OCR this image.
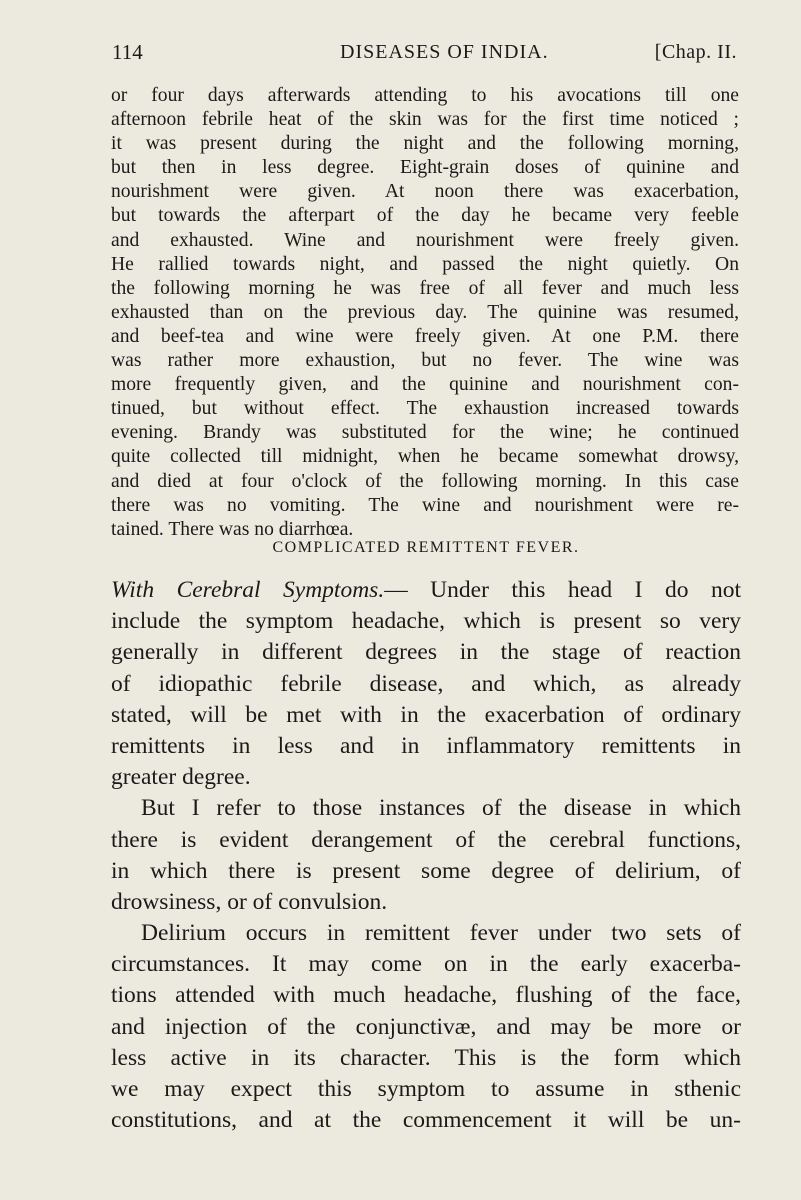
114	DISEASES OF INDIA.	[Chap. II.
or four days afterwards attending to his avocations till one
afternoon febrile heat of the skin was for the first time noticed ;
it was present during the night and the following morning,
but then in less degree. Eight-grain doses of quinine and
nourishment were given. At noon there was exacerbation,
but towards the afterpart of the day he became very feeble
and exhausted. Wine and nourishment were freely given.
He rallied towards night, and passed the night quietly. On
the following morning he was free of all fever and much less
exhausted than on the previous day. The quinine was resumed,
and beef-tea and wine were freely given. At one P.M. there
was rather more exhaustion, but no fever. The wine was
more frequently given, and the quinine and nourishment con-
tinued, but without effect. The exhaustion increased towards
evening. Brandy was substituted for the wine; he continued
quite collected till midnight, when he became somewhat drowsy,
and died at four o'clock of the following morning. In this case
there was no vomiting. The wine and nourishment were re-
tained. There was no diarrhœa.
COMPLICATED REMITTENT FEVER.
With Cerebral Symptoms.— Under this head I do not
include the symptom headache, which is present so very
generally in different degrees in the stage of reaction
of idiopathic febrile disease, and which, as already
stated, will be met with in the exacerbation of ordinary
remittents in less and in inflammatory remittents in
greater degree.
But I refer to those instances of the disease in which
there is evident derangement of the cerebral functions,
in which there is present some degree of delirium, of
drowsiness, or of convulsion.
Delirium occurs in remittent fever under two sets of
circumstances. It may come on in the early exacerba-
tions attended with much headache, flushing of the face,
and injection of the conjunctivæ, and may be more or
less active in its character. This is the form which
we may expect this symptom to assume in sthenic
constitutions, and at the commencement it will be un-
